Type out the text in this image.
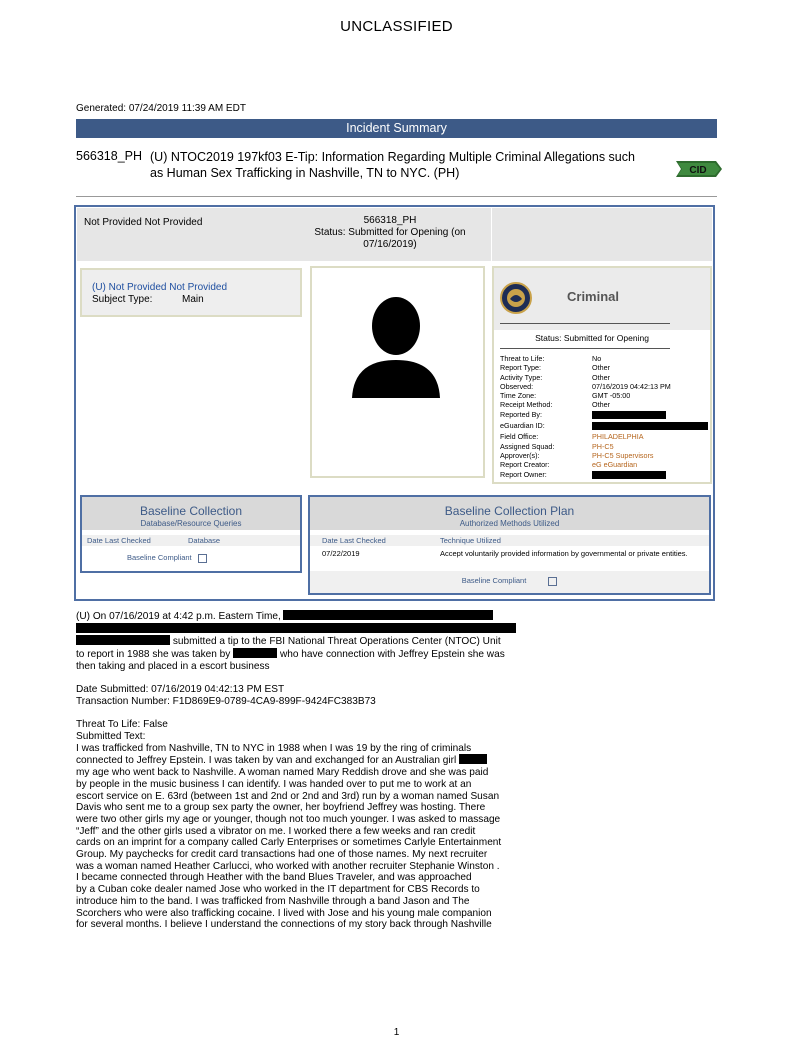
UNCLASSIFIED
Generated: 07/24/2019 11:39 AM EDT
Incident Summary
566318_PH (U) NTOC2019 197kf03 E-Tip: Information Regarding Multiple Criminal Allegations such as Human Sex Trafficking in Nashville, TN to NYC. (PH)	CID
Not Provided Not Provided	566318_PH
Status: Submitted for Opening (on 07/16/2019)
(U) Not Provided Not Provided
Subject Type:	Main	Criminal
Status: Submitted for Opening
Threat to Life:	No
Report Type:	Other
Activity Type:	Other
Observed:	07/16/2019 04:42:13 PM
Time Zone:	GMT -05:00
Receipt Method:	Other
Reported By:
eGuardian ID:
Field Office:	PHILADELPHIA
Assigned Squad:	PH-C5
Approver(s):	PH-C5 Supervisors
Report Creator:	eG eGuardian
Report Owner:
Baseline Collection
Database/Resource Queries
Date Last Checked	Database
Baseline Compliant
Baseline Collection Plan
Authorized Methods Utilized
Date Last Checked	Technique Utilized
07/22/2019	Accept voluntarily provided information by governmental or private entities.
Baseline Compliant

(U) On 07/16/2019 at 4:42 p.m. Eastern Time,

submitted a tip to the FBI National Threat Operations Center (NTOC) Unit

to report in 1988 she was taken by	who have connection with Jeffrey Epstein she was

then taking and placed in a escort business

Date Submitted: 07/16/2019 04:42:13 PM EST

Transaction Number: F1D869E9-0789-4CA9-899F-9424FC383B73

Threat To Life: False

Submitted Text:

I was trafficked from Nashville, TN to NYC in 1988 when I was 19 by the ring of criminals

connected to Jeffrey Epstein. I was taken by van and exchanged for an Australian girl

my age who went back to Nashville. A woman named Mary Reddish drove and she was paid

by people in the music business I can identify. I was handed over to put me to work at an

escort service on E. 63rd (between 1st and 2nd or 2nd and 3rd) run by a woman named Susan

Davis who sent me to a group sex party the owner, her boyfriend Jeffrey was hosting. There

were two other girls my age or younger, though not too much younger. I was asked to massage

“Jeff” and the other girls used a vibrator on me. I worked there a few weeks and ran credit

cards on an imprint for a company called Carly Enterprises or sometimes Carlyle Entertainment

Group. My paychecks for credit card transactions had one of those names. My next recruiter

was a woman named Heather Carlucci, who worked with another recruiter Stephanie Winston .

I became connected through Heather with the band Blues Traveler, and was approached

by a Cuban coke dealer named Jose who worked in the IT department for CBS Records to

introduce him to the band. I was trafficked from Nashville through a band Jason and The

Scorchers who were also trafficking cocaine. I lived with Jose and his young male companion

for several months. I believe I understand the connections of my story back through Nashville

1
